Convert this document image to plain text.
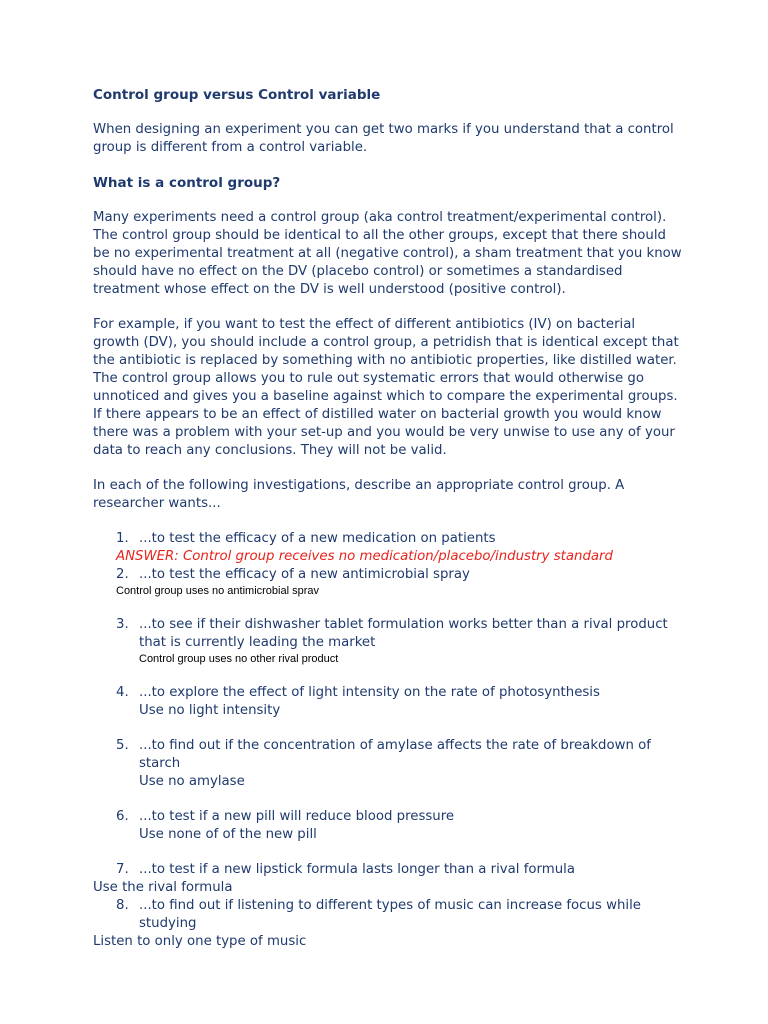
Control group versus Control variable

When designing an experiment you can get two marks if you understand that a control group is different from a control variable.

What is a control group?

Many experiments need a control group (aka control treatment/experimental control). The control group should be identical to all the other groups, except that there should be no experimental treatment at all (negative control), a sham treatment that you know should have no effect on the DV (placebo control) or sometimes a standardised treatment whose effect on the DV is well understood (positive control).

For example, if you want to test the effect of different antibiotics (IV) on bacterial growth (DV), you should include a control group, a petridish that is identical except that the antibiotic is replaced by something with no antibiotic properties, like distilled water. The control group allows you to rule out systematic errors that would otherwise go unnoticed and gives you a baseline against which to compare the experimental groups. If there appears to be an effect of distilled water on bacterial growth you would know there was a problem with your set-up and you would be very unwise to use any of your data to reach any conclusions. They will not be valid.

In each of the following investigations, describe an appropriate control group. A researcher wants...

1. ...to test the efficacy of a new medication on patients
ANSWER: Control group receives no medication/placebo/industry standard
2. ...to test the efficacy of a new antimicrobial spray
Control group uses no antimicrobial sprav
3. ...to see if their dishwasher tablet formulation works better than a rival product that is currently leading the market
Control group uses no other rival product
4. ...to explore the effect of light intensity on the rate of photosynthesis
Use no light intensity
5. ...to find out if the concentration of amylase affects the rate of breakdown of starch
Use no amylase
6. ...to test if a new pill will reduce blood pressure
Use none of of the new pill
7. ...to test if a new lipstick formula lasts longer than a rival formula
Use the rival formula
8. ...to find out if listening to different types of music can increase focus while studying
Listen to only one type of music
